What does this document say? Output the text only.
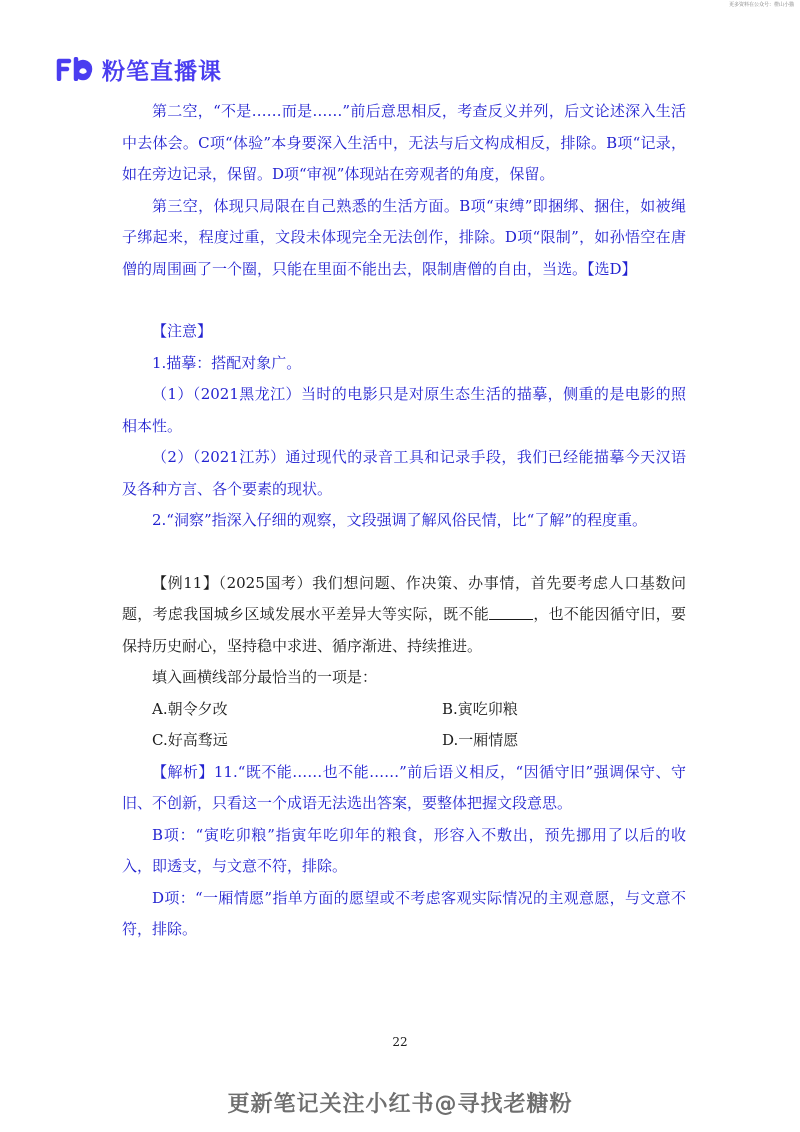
更多资料在公众号：橙山小猫
粉笔直播课

第二空，“不是……而是……”前后意思相反，考查反义并列，后文论述深入生活中去体会。C项“体验”本身要深入生活中，无法与后文构成相反，排除。B项“记录，如在旁边记录，保留。D项“审视”体现站在旁观者的角度，保留。

第三空，体现只局限在自己熟悉的生活方面。B项“束缚”即捆绑、捆住，如被绳子绑起来，程度过重，文段未体现完全无法创作，排除。D项“限制”，如孙悟空在唐僧的周围画了一个圈，只能在里面不能出去，限制唐僧的自由，当选。【选D】

【注意】

1.描摹：搭配对象广。

（1）（2021黑龙江）当时的电影只是对原生态生活的描摹，侧重的是电影的照相本性。

（2）（2021江苏）通过现代的录音工具和记录手段，我们已经能描摹今天汉语及各种方言、各个要素的现状。

2.“洞察”指深入仔细的观察，文段强调了解风俗民情，比“了解”的程度重。

【例11】（2025国考）我们想问题、作决策、办事情，首先要考虑人口基数问题，考虑我国城乡区域发展水平差异大等实际，既不能	，也不能因循守旧，要保持历史耐心，坚持稳中求进、循序渐进、持续推进。

填入画横线部分最恰当的一项是：

A.朝令夕改	B.寅吃卯粮
C.好高骛远	D.一厢情愿

【解析】11.“既不能……也不能……”前后语义相反，“因循守旧”强调保守、守旧、不创新，只看这一个成语无法选出答案，要整体把握文段意思。

B项：“寅吃卯粮”指寅年吃卯年的粮食，形容入不敷出，预先挪用了以后的收入，即透支，与文意不符，排除。

D项：“一厢情愿”指单方面的愿望或不考虑客观实际情况的主观意愿，与文意不符，排除。

22
更新笔记关注小红书@寻找老糖粉
